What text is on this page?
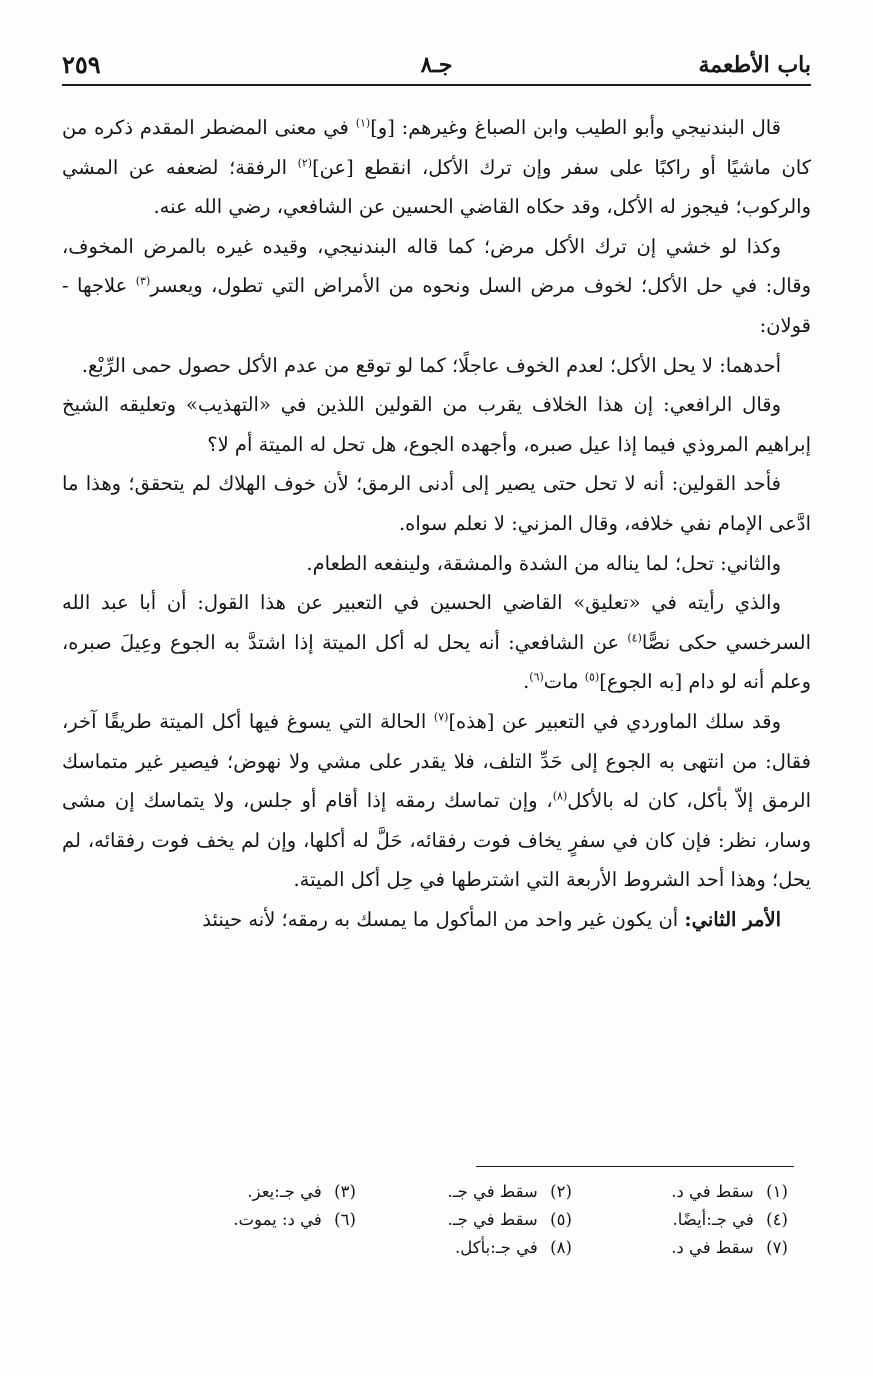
باب الأطعمة
جـ٨
٢٥٩

قال البندنيجي وأبو الطيب وابن الصباغ وغيرهم: [و]$^{(١)}$ في معنى المضطر المقدم ذكره من كان ماشيًا أو راكبًا على سفر وإن ترك الأكل، انقطع [عن]$^{(٢)}$ الرفقة؛ لضعفه عن المشي والركوب؛ فيجوز له الأكل، وقد حكاه القاضي الحسين عن الشافعي، رضي الله عنه.

وكذا لو خشي إن ترك الأكل مرض؛ كما قاله البندنيجي، وقيده غيره بالمرض المخوف، وقال: في حل الأكل؛ لخوف مرض السل ونحوه من الأمراض التي تطول، ويعسر$^{(٣)}$ علاجها - قولان:

أحدهما: لا يحل الأكل؛ لعدم الخوف عاجلًا؛ كما لو توقع من عدم الأكل حصول حمى الرِّبْع.

وقال الرافعي: إن هذا الخلاف يقرب من القولين اللذين في «التهذيب» وتعليقه الشيخ إبراهيم المروذي فيما إذا عيل صبره، وأجهده الجوع، هل تحل له الميتة أم لا؟

فأحد القولين: أنه لا تحل حتى يصير إلى أدنى الرمق؛ لأن خوف الهلاك لم يتحقق؛ وهذا ما ادَّعى الإمام نفي خلافه، وقال المزني: لا نعلم سواه.

والثاني: تحل؛ لما يناله من الشدة والمشقة، ولينفعه الطعام.

والذي رأيته في «تعليق» القاضي الحسين في التعبير عن هذا القول: أن أبا عبد الله السرخسي حكى نصًّا$^{(٤)}$ عن الشافعي: أنه يحل له أكل الميتة إذا اشتدَّ به الجوع وعِيلَ صبره، وعلم أنه لو دام [به الجوع]$^{(٥)}$ مات$^{(٦)}$.

وقد سلك الماوردي في التعبير عن [هذه]$^{(٧)}$ الحالة التي يسوغ فيها أكل الميتة طريقًا آخر، فقال: من انتهى به الجوع إلى حَدِّ التلف، فلا يقدر على مشي ولا نهوض؛ فيصير غير متماسك الرمق إلاّ بأكل، كان له بالأكل$^{(٨)}$، وإن تماسك رمقه إذا أقام أو جلس، ولا يتماسك إن مشى وسار، نظر: فإن كان في سفرٍ يخاف فوت رفقائه، حَلَّ له أكلها، وإن لم يخف فوت رفقائه، لم يحل؛ وهذا أحد الشروط الأربعة التي اشترطها في حِل أكل الميتة.

الأمر الثاني: أن يكون غير واحد من المأكول ما يمسك به رمقه؛ لأنه حينئذ

(١) سقط في د.
(٢) سقط في جـ.
(٣) في جـ:يعز.
(٤) في جـ:أيضًا.
(٥) سقط في جـ.
(٦) في د: يموت.
(٧) سقط في د.
(٨) في جـ:بأكل.
